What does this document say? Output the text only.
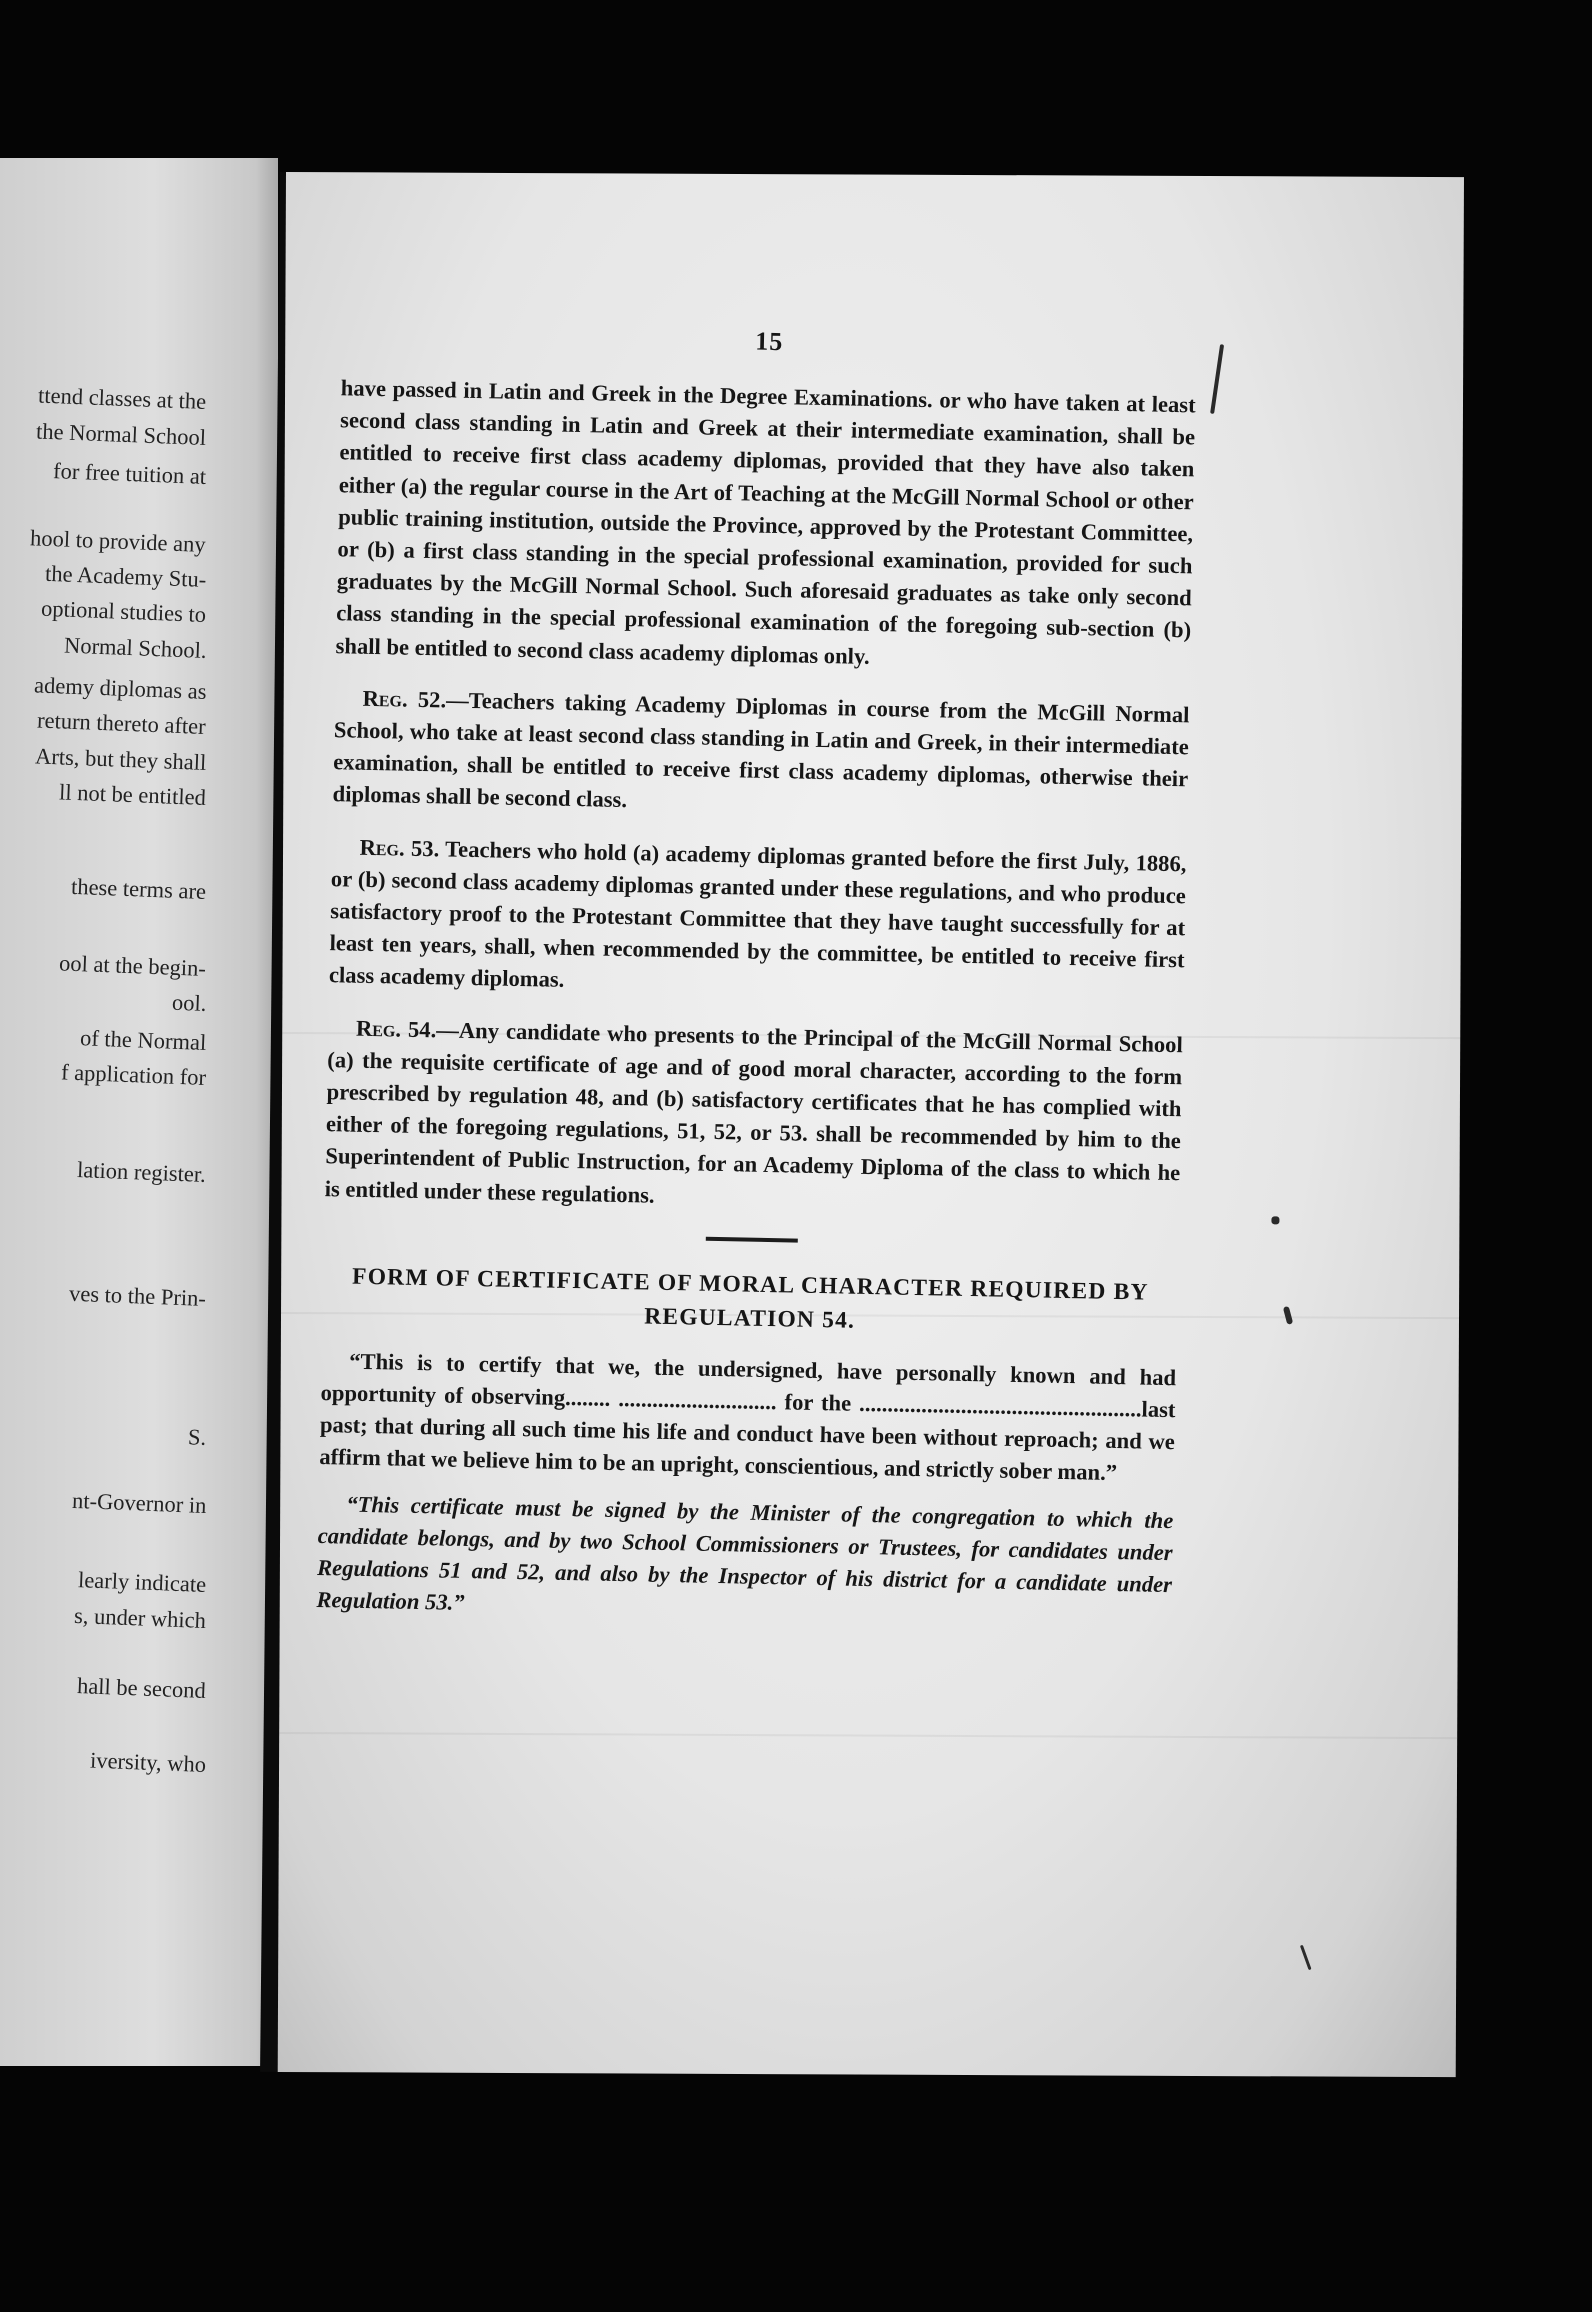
ttend classes at the
the Normal School
for free tuition at
hool to provide any
the Academy Stu-
optional studies to
Normal School.
ademy diplomas as
return thereto after
Arts, but they shall
ll not be entitled
these terms are
ool at the begin-
ool.
of the Normal
f application for
lation register.
ves to the Prin-
S.
nt-Governor in
learly indicate
s, under which
hall be second
iversity, who
15

have passed in Latin and Greek in the Degree Examinations. or who have taken at least second class standing in Latin and Greek at their intermediate examination, shall be entitled to receive first class academy diplomas, provided that they have also taken either (a) the regular course in the Art of Teaching at the McGill Normal School or other public training institution, outside the Province, approved by the Protestant Committee, or (b) a first class standing in the special professional examination, provided for such graduates by the McGill Normal School. Such aforesaid graduates as take only second class standing in the special professional examination of the foregoing sub-section (b) shall be entitled to second class academy diplomas only.

Reg. 52.—Teachers taking Academy Diplomas in course from the McGill Normal School, who take at least second class standing in Latin and Greek, in their intermediate examination, shall be entitled to receive first class academy diplomas, otherwise their diplomas shall be second class.

Reg. 53. Teachers who hold (a) academy diplomas granted before the first July, 1886, or (b) second class academy diplomas granted under these regulations, and who produce satisfactory proof to the Protestant Committee that they have taught successfully for at least ten years, shall, when recommended by the committee, be entitled to receive first class academy diplomas.

Reg. 54.—Any candidate who presents to the Principal of the McGill Normal School (a) the requisite certificate of age and of good moral character, according to the form prescribed by regulation 48, and (b) satisfactory certificates that he has complied with either of the foregoing regulations, 51, 52, or 53. shall be recommended by him to the Superintendent of Public Instruction, for an Academy Diploma of the class to which he is entitled under these regulations.

FORM OF CERTIFICATE OF MORAL CHARACTER REQUIRED BY REGULATION 54.

“This is to certify that we, the undersigned, have personally known and had opportunity of observing........ ............................ for the ..................................................last past; that during all such time his life and conduct have been without reproach; and we affirm that we believe him to be an upright, conscientious, and strictly sober man.”

“This certificate must be signed by the Minister of the congregation to which the candidate belongs, and by two School Commissioners or Trustees, for candidates under Regulations 51 and 52, and also by the Inspector of his district for a candidate under Regulation 53.”
